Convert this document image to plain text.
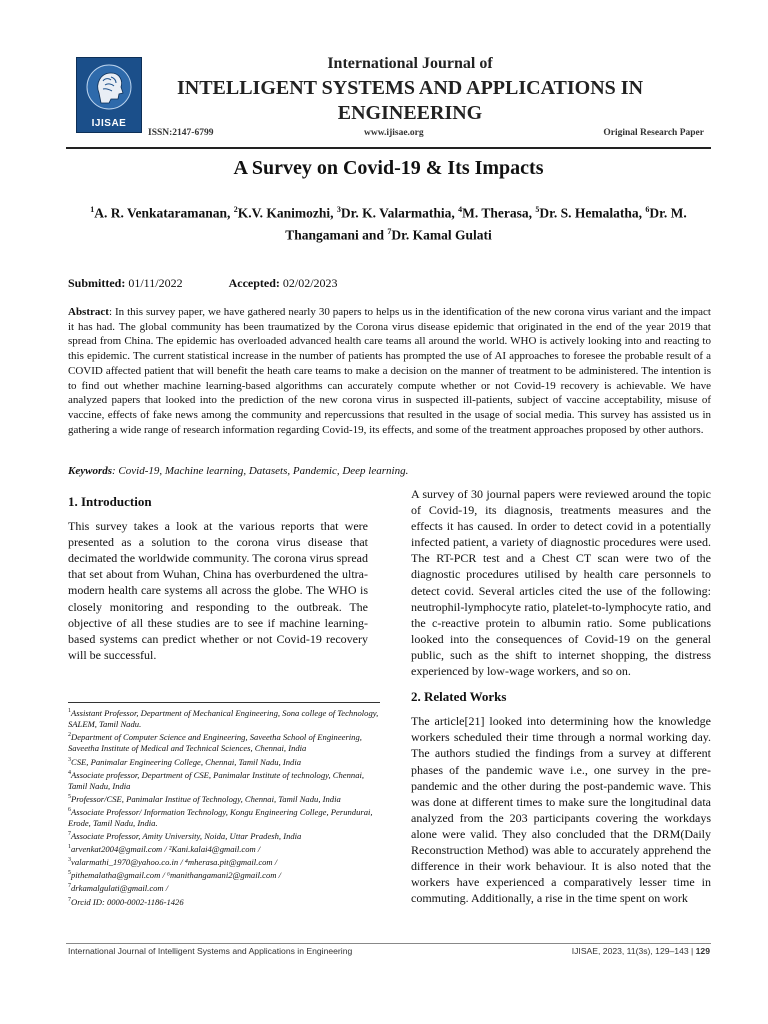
IJISAE
International Journal of
INTELLIGENT SYSTEMS AND APPLICATIONS IN
ENGINEERING
ISSN:2147-6799	www.ijisae.org	Original Research Paper
A Survey on Covid-19 & Its Impacts
$^1$A. R. Venkataramanan, $^2$K.V. Kanimozhi, $^3$Dr. K. Valarmathia, $^4$M. Therasa, $^5$Dr. S. Hemalatha, $^6$Dr. M. Thangamani and $^7$Dr. Kamal Gulati
Submitted: 01/11/2022	Accepted: 02/02/2023
Abstract: In this survey paper, we have gathered nearly 30 papers to helps us in the identification of the new corona virus variant and the impact it has had. The global community has been traumatized by the Corona virus disease epidemic that originated in the end of the year 2019 that spread from China. The epidemic has overloaded advanced health care teams all around the world. WHO is actively looking into and reacting to this epidemic. The current statistical increase in the number of patients has prompted the use of AI approaches to foresee the probable result of a COVID affected patient that will benefit the heath care teams to make a decision on the manner of treatment to be administered. The intention is to find out whether machine learning-based algorithms can accurately compute whether or not Covid-19 recovery is achievable. We have analyzed papers that looked into the prediction of the new corona virus in suspected ill-patients, subject of vaccine acceptability, misuse of vaccine, effects of fake news among the community and repercussions that resulted in the usage of social media. This survey has assisted us in gathering a wide range of research information regarding Covid-19, its effects, and some of the treatment approaches proposed by other authors.
Keywords: Covid-19, Machine learning, Datasets, Pandemic, Deep learning.
1. Introduction

This survey takes a look at the various reports that were presented as a solution to the corona virus disease that decimated the worldwide community. The corona virus spread that set about from Wuhan, China has overburdened the ultra-modern health care systems all across the globe. The WHO is closely monitoring and responding to the outbreak. The objective of all these studies are to see if machine learning-based systems can predict whether or not Covid-19 recovery will be successful.

$^1$Assistant Professor, Department of Mechanical Engineering, Sona college of Technology, SALEM, Tamil Nadu.

$^2$Department of Computer Science and Engineering, Saveetha School of Engineering, Saveetha Institute of Medical and Technical Sciences, Chennai, India

$^3$CSE, Panimalar Engineering College, Chennai, Tamil Nadu, India

$^4$Associate professor, Department of CSE, Panimalar Institute of technology, Chennai, Tamil Nadu, India

$^5$Professor/CSE, Panimalar Institue of Technology, Chennai, Tamil Nadu, India

$^6$Associate Professor/ Information Technology, Kongu Engineering College, Perundurai, Erode, Tamil Nadu, India.

$^7$Associate Professor, Amity University, Noida, Uttar Pradesh, India

$^1$arvenkat2004@gmail.com / ²Kani.kalai4@gmail.com /

$^3$valarmathi_1970@yahoo.co.in / ⁴mherasa.pit@gmail.com /

$^5$pithemalatha@gmail.com / ⁶manithangamani2@gmail.com /

$^7$drkamalgulati@gmail.com /

$^7$Orcid ID: 0000-0002-1186-1426

A survey of 30 journal papers were reviewed around the topic of Covid-19, its diagnosis, treatments measures and the effects it has caused. In order to detect covid in a potentially infected patient, a variety of diagnostic procedures were used. The RT-PCR test and a Chest CT scan were two of the diagnostic procedures utilised by health care personnels to detect covid. Several articles cited the use of the following: neutrophil-lymphocyte ratio, platelet-to-lymphocyte ratio, and the c-reactive protein to albumin ratio. Some publications looked into the consequences of Covid-19 on the general public, such as the shift to internet shopping, the distress experienced by low-wage workers, and so on.

2. Related Works

The article[21] looked into determining how the knowledge workers scheduled their time through a normal working day. The authors studied the findings from a survey at different phases of the pandemic wave i.e., one survey in the pre-pandemic and the other during the post-pandemic wave. This was done at different times to make sure the longitudinal data analyzed from the 203 participants covering the workdays alone were valid. They also concluded that the DRM(Daily Reconstruction Method) was able to accurately apprehend the difference in their work behaviour. It is also noted that the workers have experienced a comparatively lesser time in commuting. Additionally, a rise in the time spent on work

International Journal of Intelligent Systems and Applications in Engineering	IJISAE, 2023, 11(3s), 129–143 | 129
